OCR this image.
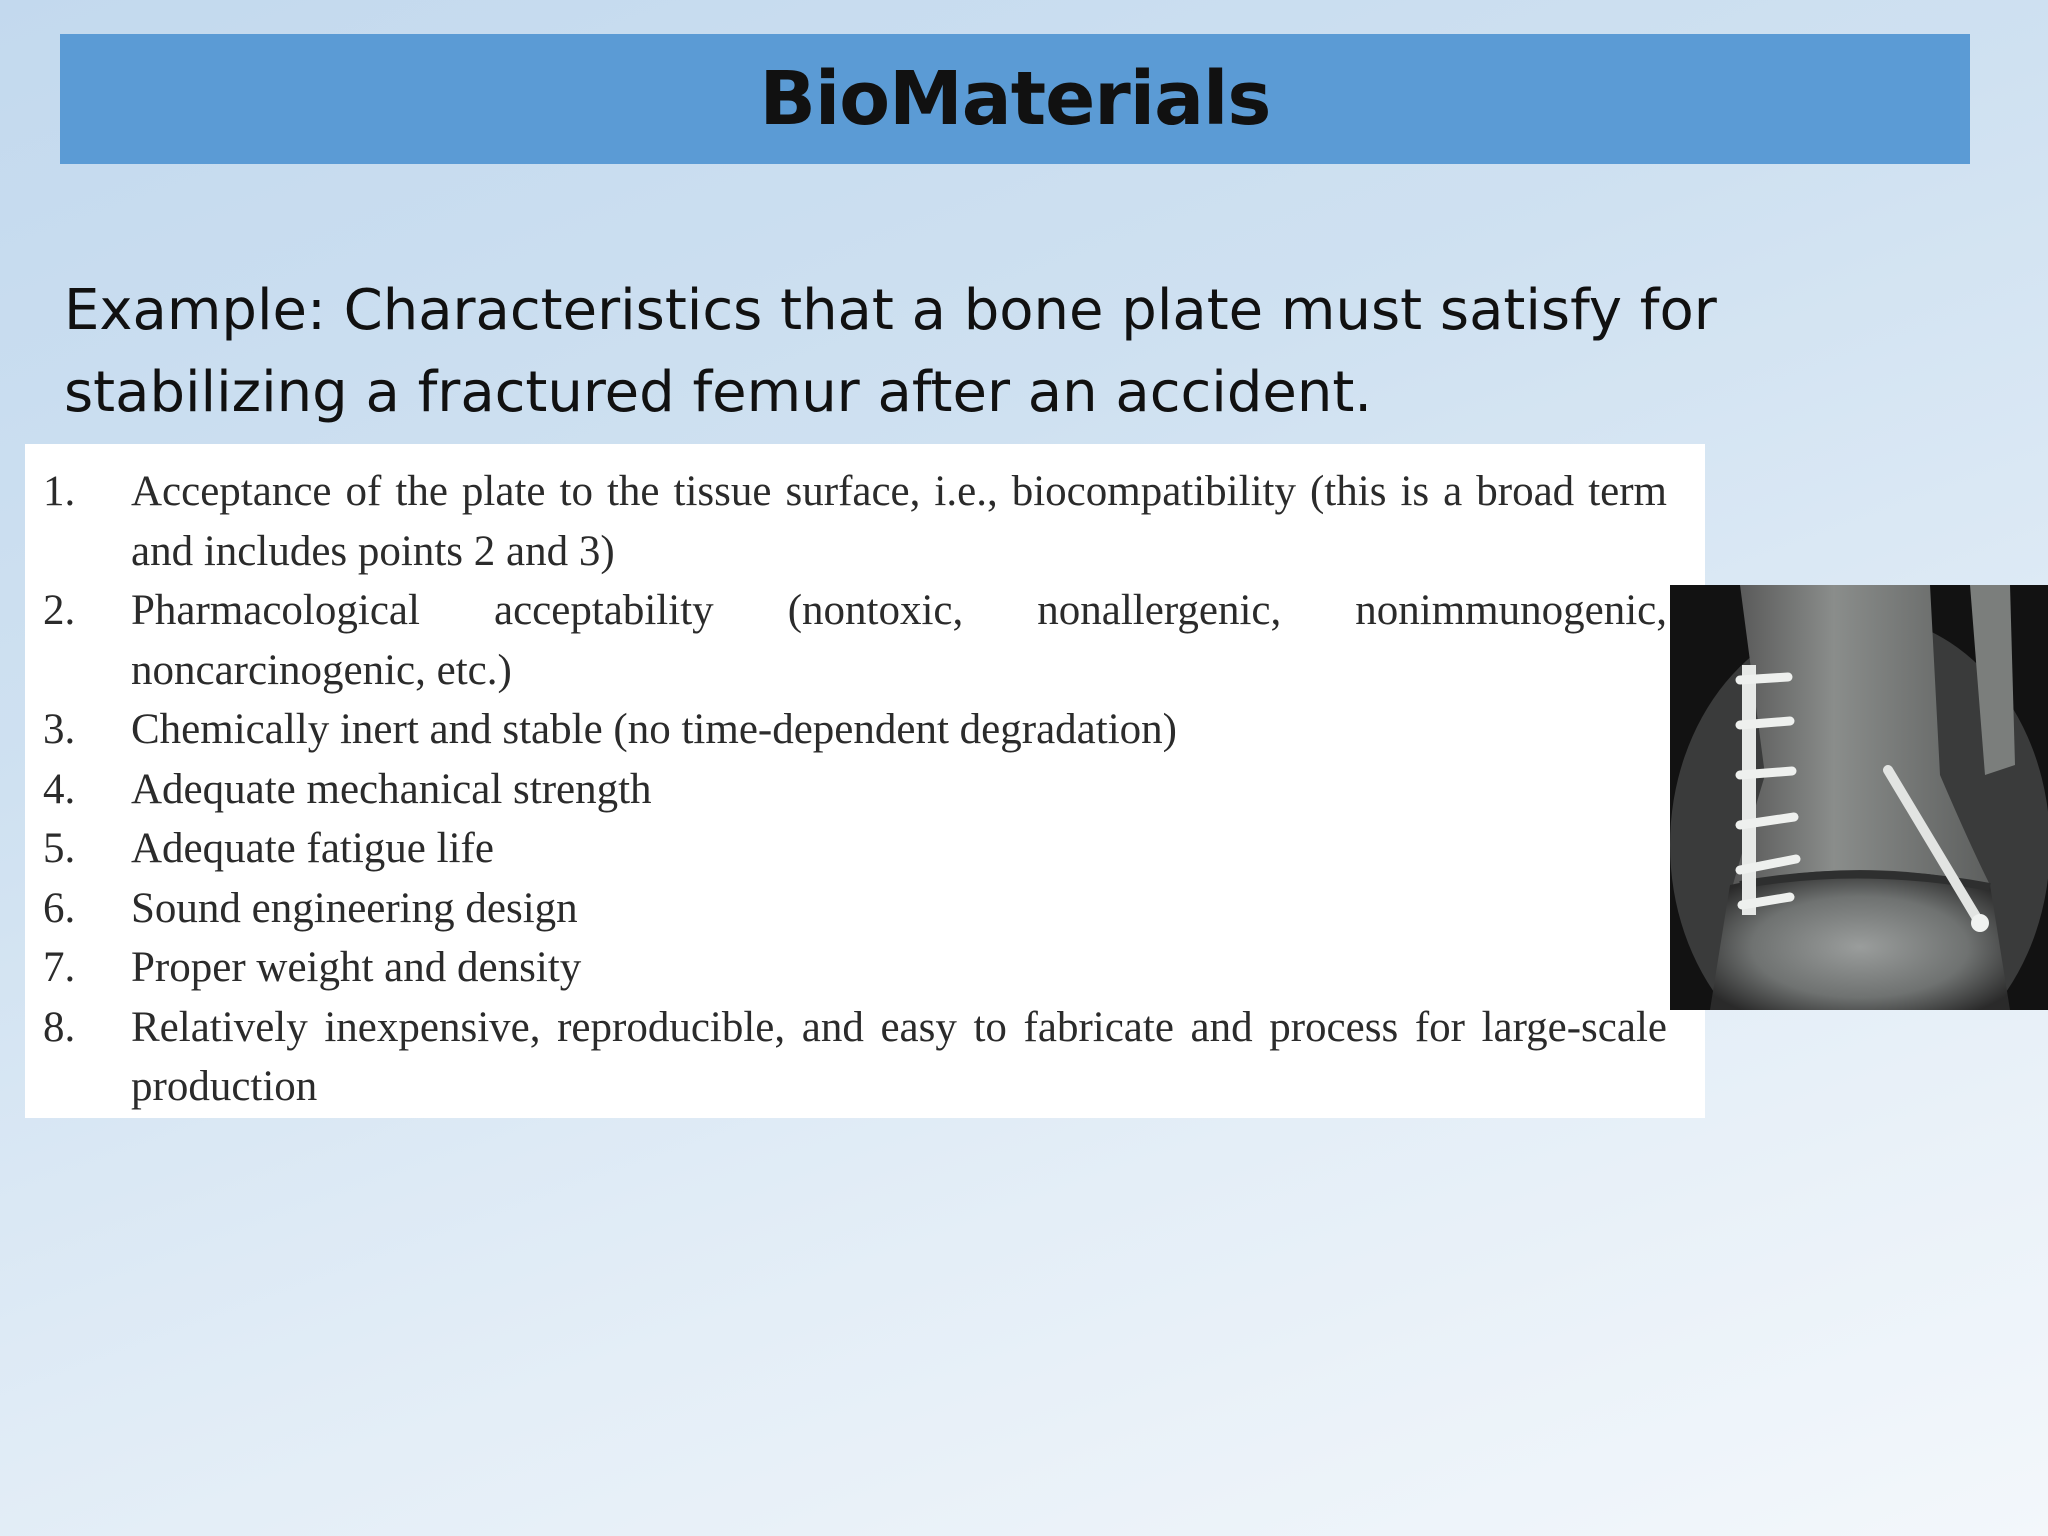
BioMaterials

Example: Characteristics that a bone plate must satisfy for stabilizing a fractured femur after an accident.

1.	Acceptance of the plate to the tissue surface, i.e., biocompatibility (this is a broad term and includes points 2 and 3)
2.	Pharmacological acceptability (nontoxic, nonallergenic, nonimmunogenic, noncarcinogenic, etc.)
3.	Chemically inert and stable (no time-dependent degradation)
4.	Adequate mechanical strength
5.	Adequate fatigue life
6.	Sound engineering design
7.	Proper weight and density
8.	Relatively inexpensive, reproducible, and easy to fabricate and process for large-scale production
